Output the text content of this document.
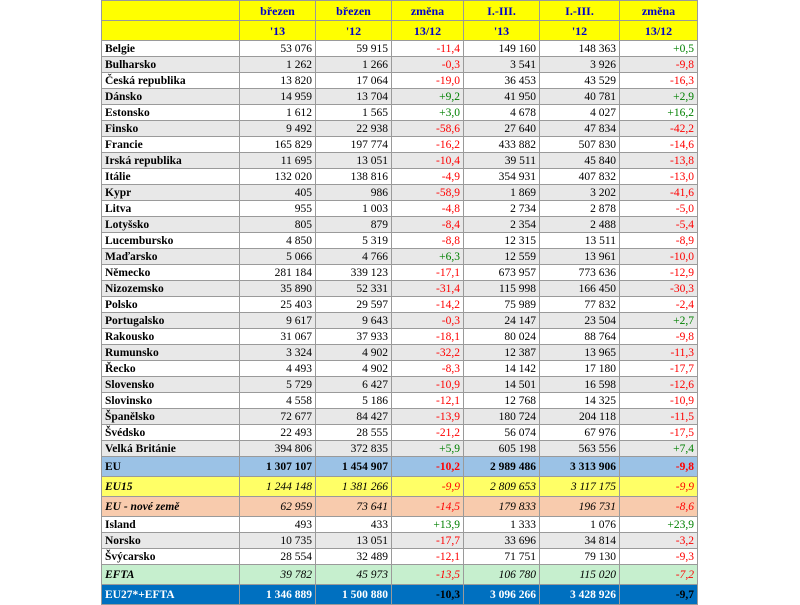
	březen	březen	změna	I.-III.	I.-III.	změna
	'13	'12	13/12	'13	'12	13/12
Belgie	53 076	59 915	-11,4	149 160	148 363	+0,5
Bulharsko	1 262	1 266	-0,3	3 541	3 926	-9,8
Česká republika	13 820	17 064	-19,0	36 453	43 529	-16,3
Dánsko	14 959	13 704	+9,2	41 950	40 781	+2,9
Estonsko	1 612	1 565	+3,0	4 678	4 027	+16,2
Finsko	9 492	22 938	-58,6	27 640	47 834	-42,2
Francie	165 829	197 774	-16,2	433 882	507 830	-14,6
Irská republika	11 695	13 051	-10,4	39 511	45 840	-13,8
Itálie	132 020	138 816	-4,9	354 931	407 832	-13,0
Kypr	405	986	-58,9	1 869	3 202	-41,6
Litva	955	1 003	-4,8	2 734	2 878	-5,0
Lotyšsko	805	879	-8,4	2 354	2 488	-5,4
Lucembursko	4 850	5 319	-8,8	12 315	13 511	-8,9
Maďarsko	5 066	4 766	+6,3	12 559	13 961	-10,0
Německo	281 184	339 123	-17,1	673 957	773 636	-12,9
Nizozemsko	35 890	52 331	-31,4	115 998	166 450	-30,3
Polsko	25 403	29 597	-14,2	75 989	77 832	-2,4
Portugalsko	9 617	9 643	-0,3	24 147	23 504	+2,7
Rakousko	31 067	37 933	-18,1	80 024	88 764	-9,8
Rumunsko	3 324	4 902	-32,2	12 387	13 965	-11,3
Řecko	4 493	4 902	-8,3	14 142	17 180	-17,7
Slovensko	5 729	6 427	-10,9	14 501	16 598	-12,6
Slovinsko	4 558	5 186	-12,1	12 768	14 325	-10,9
Španělsko	72 677	84 427	-13,9	180 724	204 118	-11,5
Švédsko	22 493	28 555	-21,2	56 074	67 976	-17,5
Velká Británie	394 806	372 835	+5,9	605 198	563 556	+7,4
EU	1 307 107	1 454 907	-10,2	2 989 486	3 313 906	-9,8
EU15	1 244 148	1 381 266	-9,9	2 809 653	3 117 175	-9,9
EU - nové země	62 959	73 641	-14,5	179 833	196 731	-8,6
Island	493	433	+13,9	1 333	1 076	+23,9
Norsko	10 735	13 051	-17,7	33 696	34 814	-3,2
Švýcarsko	28 554	32 489	-12,1	71 751	79 130	-9,3
EFTA	39 782	45 973	-13,5	106 780	115 020	-7,2
EU27*+EFTA	1 346 889	1 500 880	-10,3	3 096 266	3 428 926	-9,7
